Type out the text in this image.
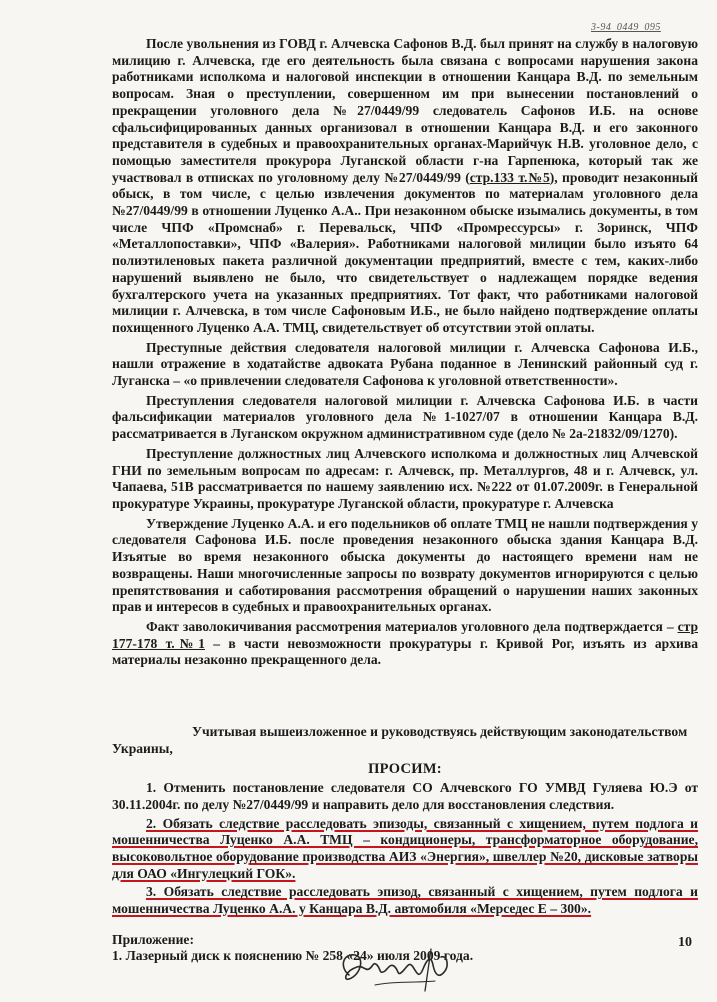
3-94_0449_095

После увольнения из ГОВД г. Алчевска Сафонов В.Д. был принят на службу в налоговую милицию г. Алчевска, где его деятельность была связана с вопросами нарушения закона работниками исполкома и налоговой инспекции в отношении Канцара В.Д. по земельным вопросам. Зная о преступлении, совершенном им при вынесении постановлений о прекращении уголовного дела №27/0449/99 следователь Сафонов И.Б. на основе сфальсифицированных данных организовал в отношении Канцара В.Д. и его законного представителя в судебных и правоохранительных органах-Марийчук Н.В. уголовное дело, с помощью заместителя прокурора Луганской области г-на Гарпенюка, который так же участвовал в отписках по уголовному делу №27/0449/99 (стр.133 т.№5), проводит незаконный обыск, в том числе, с целью извлечения документов по материалам уголовного дела №27/0449/99 в отношении Луценко А.А.. При незаконном обыске изымались документы, в том числе ЧПФ «Промснаб» г. Перевальск, ЧПФ «Промрессурсы» г. Зоринск, ЧПФ «Металлопоставки», ЧПФ «Валерия». Работниками налоговой милиции было изъято 64 полиэтиленовых пакета различной документации предприятий, вместе с тем, каких-либо нарушений выявлено не было, что свидетельствует о надлежащем порядке ведения бухгалтерского учета на указанных предприятиях. Тот факт, что работниками налоговой милиции г. Алчевска, в том числе Сафоновым И.Б., не было найдено подтверждение оплаты похищенного Луценко А.А. ТМЦ, свидетельствует об отсутствии этой оплаты.

Преступные действия следователя налоговой милиции г. Алчевска Сафонова И.Б., нашли отражение в ходатайстве адвоката Рубана поданное в Ленинский районный суд г. Луганска – «о привлечении следователя Сафонова к уголовной ответственности».

Преступления следователя налоговой милиции г. Алчевска Сафонова И.Б. в части фальсификации материалов уголовного дела №1-1027/07 в отношении Канцара В.Д. рассматривается в Луганском окружном административном суде (дело № 2а-21832/09/1270).

Преступление должностных лиц Алчевского исполкома и должностных лиц Алчевской ГНИ по земельным вопросам по адресам: г. Алчевск, пр. Металлургов, 48 и г. Алчевск, ул. Чапаева, 51В рассматривается по нашему заявлению исх. №222 от 01.07.2009г. в Генеральной прокуратуре Украины, прокуратуре Луганской области, прокуратуре г. Алчевска

Утверждение Луценко А.А. и его подельников об оплате ТМЦ не нашли подтверждения у следователя Сафонова И.Б. после проведения незаконного обыска здания Канцара В.Д. Изъятые во время незаконного обыска документы до настоящего времени нам не возвращены. Наши многочисленные запросы по возврату документов игнорируются с целью препятствования и саботирования рассмотрения обращений о нарушении наших законных прав и интересов в судебных и правоохранительных органах.

Факт заволокичивания рассмотрения материалов уголовного дела подтверждается – стр 177-178 т.№1 – в части невозможности прокуратуры г. Кривой Рог, изъять из архива материалы незаконно прекращенного дела.

Учитывая вышеизложенное и руководствуясь действующим законодательством

Украины,

ПРОСИМ:

1. Отменить постановление следователя СО Алчевского ГО УМВД Гуляева Ю.Э от 30.11.2004г. по делу №27/0449/99 и направить дело для восстановления следствия.

2. Обязать следствие расследовать эпизоды, связанный с хищением, путем подлога и мошенничества Луценко А.А. ТМЦ – кондиционеры, трансформаторное оборудование, высоковольтное оборудование производства АИЗ «Энергия», швеллер №20, дисковые затворы для ОАО «Ингулецкий ГОК».

3. Обязать следствие расследовать эпизод, связанный с хищением, путем подлога и мошенничества Луценко А.А. у Канцара В.Д. автомобиля «Мерседес Е – 300».

Приложение:

1. Лазерный диск к пояснению № 258 «24» июля 2009 года.

10
